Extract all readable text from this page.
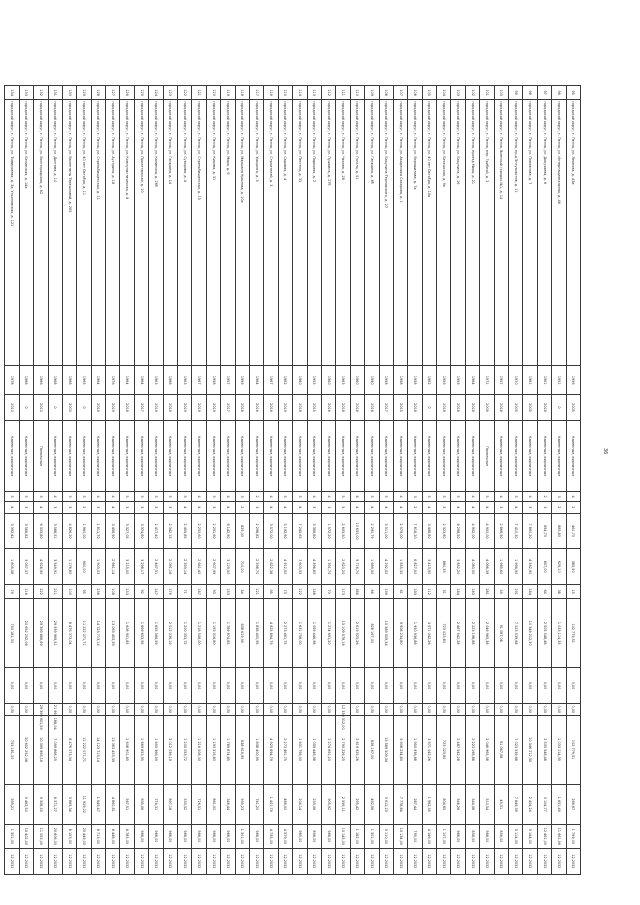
95	городской округ, г. Пенза, ул. Леонова, д. 43а	1956	2005	Каменные, кирпичные	4	2	461,70	385,50	15	102 779,51	0,00	0,00	102 779,51	266,67	1 799,00	12.2032
96	городской округ, г. Пенза, ул. Интернациональная, д. 46	1951	0	Каменные, кирпичные	3	2	885,80	629,10	38	1 033 114,35	0,00	0,00	1 033 114,35	1 651,49	11 661,99	12.2032
97	городской округ, г. Пенза, ул. Докучаева, д. 6	1961	2018	Каменные, кирпичные	2	3	854,70	807,00	64	2 505 548,48	0,00	0,00	2 505 548,48	3 104,77	12 461,00	12.2032
98	городской округ, г. Пенза, ул. Плеханова, д. 7	1961	2005	Каменные, кирпичные	4	3	7 860,20	4 562,90	184	10 346 212,30	0,00	0,00	10 346 212,30	2 404,24	5 144,00	12.2032
99	городской округ, г. Пенза, пр-д Энтузиастов, д. 11	1970	2005	Каменные, кирпичные	5	4	7 410,30	1 994,90	191	7 023 539,68	0,00	0,00	7 023 539,68	7 849,39	5 114,00	12.2032
100	городской округ, г. Пенза, Военный городок №1, д. 14	1957	2018	Каменные, кирпичные	4	3	2 866,90	1 985,60	59	91 087,08	0,00	0,00	91 087,08	45,31	856,00	12.2032
101	городской округ, г. Пенза, пер. Грибной, д. 2	1971	2009	Панельные	5	4	4 900,00	4 096,39	281	2 046 965,38	0,00	0,00	2 046 965,38	510,54	988,00	12.2032
102	городской округ, г. Пенза, проезд Мира, д. 21	1964	2018	Каменные, кирпичные	4	4	4 902,00	4 083,50	183	2 223 198,88	0,00	0,00	2 223 198,88	544,08	858,00	12.2032
103	городской округ, г. Пенза, ул. Бакунина, д. 16	1959	2018	Каменные, кирпичные	5	4	6 298,50	3 852,20	184	2 487 542,28	0,00	0,00	2 487 542,28	546,26	986,00	12.2032
104	городской округ, г. Пенза, ул. Бекешская, д. 9а	1959	2018	Каменные, кирпичные	5	3	2 323,80	880,35	31	723 023,80	0,00	0,00	723 023,80	804,85	1 107,00	12.2032
105	городской округ, г. Пенза, ул. 40 лет Октября, д. 10а	1962	0	Каменные, кирпичные	5	4	3 498,80	3 413,90	112	3 971 042,26	0,00	0,00	3 971 042,26	1 962,35	4 146,00	12.2032
106	городской округ, г. Пенза, ул. Ворошилова, д. 7а	1958	2018	Каменные, кирпичные	3	2	7 818,20	6 827,00	193	1 950 936,88	0,00	0,00	1 950 936,88	287,44	795,00	12.2032
107	городской округ, г. Пенза, ул. Академика Сахарова, д. 1	1958	2015	Каменные, кирпичные	4	4	2 579,00	1 655,30	61	9 908 234,80	0,00	0,00	9 908 234,80	7 778,84	10 134,00	12.2032
108	городской округ, г. Пенза, ул. Бакунина Терновского, д. 27	1958	2017	Каменные, кирпичные	5	4	5 511,00	4 292,00	199	15 589 509,34	0,00	0,00	15 589 509,34	3 612,23	5 110,00	12.2032
109	городской округ, г. Пенза, ул. Гагарина, д. 8б	1990	2016	Каменные, кирпичные	5	4	2 290,79	1 689,00	66	828 167,00	0,00	0,00	828 167,00	492,06	1 301,00	12.2032
110	городской округ, г. Пенза, ул. Гоголя, д. 51	1960	2018	Каменные, кирпичные	6	4	10 650,00	9 716,70	386	2 619 925,26	0,00	0,00	2 619 925,26	295,42	1 182,00	12.2032
111	городской округ, г. Пенза, ул. Чехова, д. 28	1963	2018	Каменные, кирпичные	5	5	2 605,50	2 620,20	173	15 109 578,16	0,00	12 338 312,00	2 790 226,25	2 556,11	10 145,00	12.2032
112	городской округ, г. Пенза, ул. Пушкина, д. 27б	1960	2016	Каменные, кирпичные	4	3	1 572,20	1 391,70	70	1 274 691,20	0,00	0,00	1 274 691,20	905,92	986,00	12.2032
113	городской округ, г. Пенза, ул. Парковая, д. 2	1955	2015	Каменные, кирпичные	4	3	5 366,80	4 396,80	168	1 059 446,98	0,00	0,00	1 059 446,98	233,06	896,00	12.2032
114	городской округ, г. Пенза, ул. Пестеля, д. 33	1960	2018	Каменные, кирпичные	5	4	7 245,63	7 600,55	122	1 631 758,00	0,00	0,00	1 631 758,00	204,14	985,00	12.2032
115	городской округ, г. Пенза, ул. Садовая, д. 4	1962	2019	Каменные, кирпичные	5	4	5 192,90	4 912,50	73	2 273 461,75	0,00	0,00	2 273 461,75	486,00	4 579,00	12.2032
116	городской округ, г. Пенза, ул. Строителей, д. 3	1967	2016	Каменные, кирпичные	4	4	3 572,00	2 622,36	95	4 925 894,79	0,00	0,00	4 925 894,79	1 401,79	4 735,00	12.2032
117	городской округ, г. Пенза, ул. Урицкого, д. 5	1964	2016	Каменные, кирпичные	2	3	2 298,82	2 598,70	121	1 838 400,95	0,00	0,00	1 838 400,95	741,20	986,00	12.2032
118	городской округ, г. Пенза, ул. Маршала Крылова, д. 10а	1999	2018	Каменные, кирпичные	3	2	825,00	710,00	54	638 619,95	0,00	0,00	638 619,95	935,23	1 301,00	12.2032
119	городской округ, г. Пенза, ул. Мира, д. 6	1957	2017	Каменные, кирпичные	4	4	6 142,90	3 129,50	153	1 789 874,85	0,00	0,00	1 789 874,85	346,44	986,00	12.2032
120	городской округ, г. Пенза, ул. Кирова, д. 31	1958	2019	Каменные, кирпичные	5	3	2 291,60	2 607,99	93	1 193 316,80	0,00	0,00	1 193 316,80	861,00	986,00	12.2032
121	городской округ, г. Пенза, ул. Стрельбищенская, д. 15	1967	2019	Каменные, кирпичные	4	4	2 250,60	2 641,40	187	1 216 508,00	0,00	0,00	1 216 508,00	726,51	986,00	12.2032
122	городской округ, г. Пенза, ул. Суворова, д. 4	1963	2019	Каменные, кирпичные	5	4	2 455,85	2 393,14	71	1 200 053,72	0,00	0,00	1 200 053,72	533,52	986,00	12.2032
123	городской округ, г. Пенза, ул. Гагарина, д. 14	1968	2019	Каменные, кирпичные	5	3	2 342,15	2 091,16	176	2 012 036,19	0,00	0,00	2 012 036,19	897,18	986,00	12.2032
124	городской округ, г. Пенза, ул. Калинина, д. 26б	1963	2019	Каменные, кирпичные	5	3	2 417,40	2 467,51	147	1 655 366,59	0,00	0,00	1 655 366,59	774,31	986,00	12.2032
125	городской округ, г. Пенза, ул. Пролетарская, д. 10	1964	2017	Каменные, кирпичные	5	3	3 374,80	3 298,17	92	1 669 653,95	0,00	0,00	1 669 653,95	635,06	986,00	12.2032
126	городской округ, г. Пенза, ул. Коммунистическая, д. 8	1964	2018	Каменные, кирпичные	5	3	3 327,05	3 215,00	153	1 608 901,85	0,00	0,00	1 608 901,85	567,51	8 785,00	12.2032
127	городской округ, г. Пенза, ул. Аустрина, д. 18	1976	2019	Каменные, кирпичные	4	4	3 456,90	2 681,14	108	13 063 453,39	0,00	0,00	13 063 453,39	4 860,81	8 448,00	12.2032
128	городской округ, г. Пенза, ул. Стрельбищенская, д. 11	1964	2019	Каменные, кирпичные	4	3	1 811,70	1 903,03	236	14 123 713,14	0,00	0,00	14 123 713,14	1 649,47	8 713,00	12.2032
129	городской округ, г. Пенза, ул. 40 лет Октября, д. 11	1965	0	Каменные, кирпичные	5	2	1 960,00	900,00	95	11 222 071,71	0,00	0,00	11 222 071,71	11 929,22	20 449,00	12.2032
130	городской округ, г. Пенза, ул. Валентины Терешковой, д. 265	1968	2000	Каменные, кирпичные	5	3	4 826,20	1 176,80	100	8 476 073,04	0,00	0,00	8 476 073,04	3 865,34	8 153,00	12.2032
131	городской округ, г. Пенза, ул. Долгова, д. 10	1968	0	Каменные, кирпичные	4	3	3 588,51	3 549,91	211	29 939 969,51	0,00	21 991 188,04	7 099 868,25	8 371,27	20 806,00	12.2032
132	городской округ, г. Пенза, ул. Волгоградская, д. 62	1966	2010	Панельные	5	4	6 333,80	4 928,90	222	29 399 866,69	0,00	29 399 901,59	10 399 965,16	9 308,53	11 053,00	12.2032
133	городской округ, г. Пенза, ул. Белинская, д. 14а	1968	0	Каменные, кирпичные	5	3	3 566,82	3 057,37	116	20 652 252,08	0,00	0,00	20 652 252,08	5 462,50	10 402,00	12.2032
134	городской округ, г. Пенза, ул. Тимирязева, д. 3а, Ульяновская, д. 121	1978	2010	Каменные, кирпичные	5	4	3 392,42	1 805,08	79	753 181,00	0,00	0,00	753 181,00	595,21	1 301,00	12.2032
36
